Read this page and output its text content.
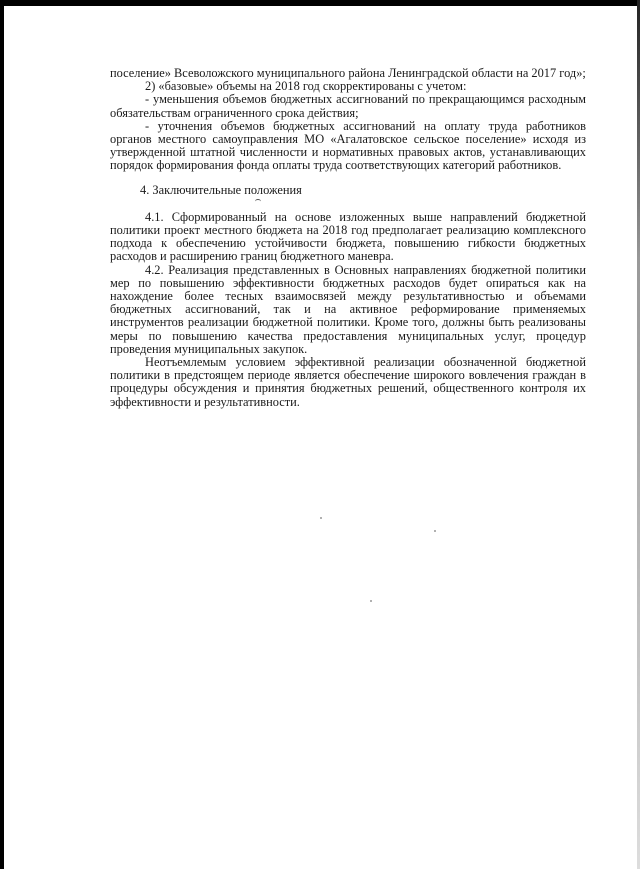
поселение» Всеволожского муниципального района Ленинградской области на 2017 год»;

2) «базовые» объемы на 2018 год скорректированы с учетом:

- уменьшения объемов бюджетных ассигнований по прекращающимся расходным обязательствам ограниченного срока действия;

- уточнения объемов бюджетных ассигнований на оплату труда работников органов местного самоуправления МО «Агалатовское сельское поселение» исходя из утвержденной штатной численности и нормативных правовых актов, устанавливающих порядок формирования фонда оплаты труда соответствующих категорий работников.

4. Заключительные положения

4.1. Сформированный на основе изложенных выше направлений бюджетной политики проект местного бюджета на 2018 год предполагает реализацию комплексного подхода к обеспечению устойчивости бюджета, повышению гибкости бюджетных расходов и расширению границ бюджетного маневра.

4.2. Реализация представленных в Основных направлениях бюджетной политики мер по повышению эффективности бюджетных расходов будет опираться как на нахождение более тесных взаимосвязей между результативностью и объемами бюджетных ассигнований, так и на активное реформирование применяемых инструментов реализации бюджетной политики. Кроме того, должны быть реализованы меры по повышению качества предоставления муниципальных услуг, процедур проведения муниципальных закупок.

Неотъемлемым условием эффективной реализации обозначенной бюджетной политики в предстоящем периоде является обеспечение широкого вовлечения граждан в процедуры обсуждения и принятия бюджетных решений, общественного контроля их эффективности и результативности.
